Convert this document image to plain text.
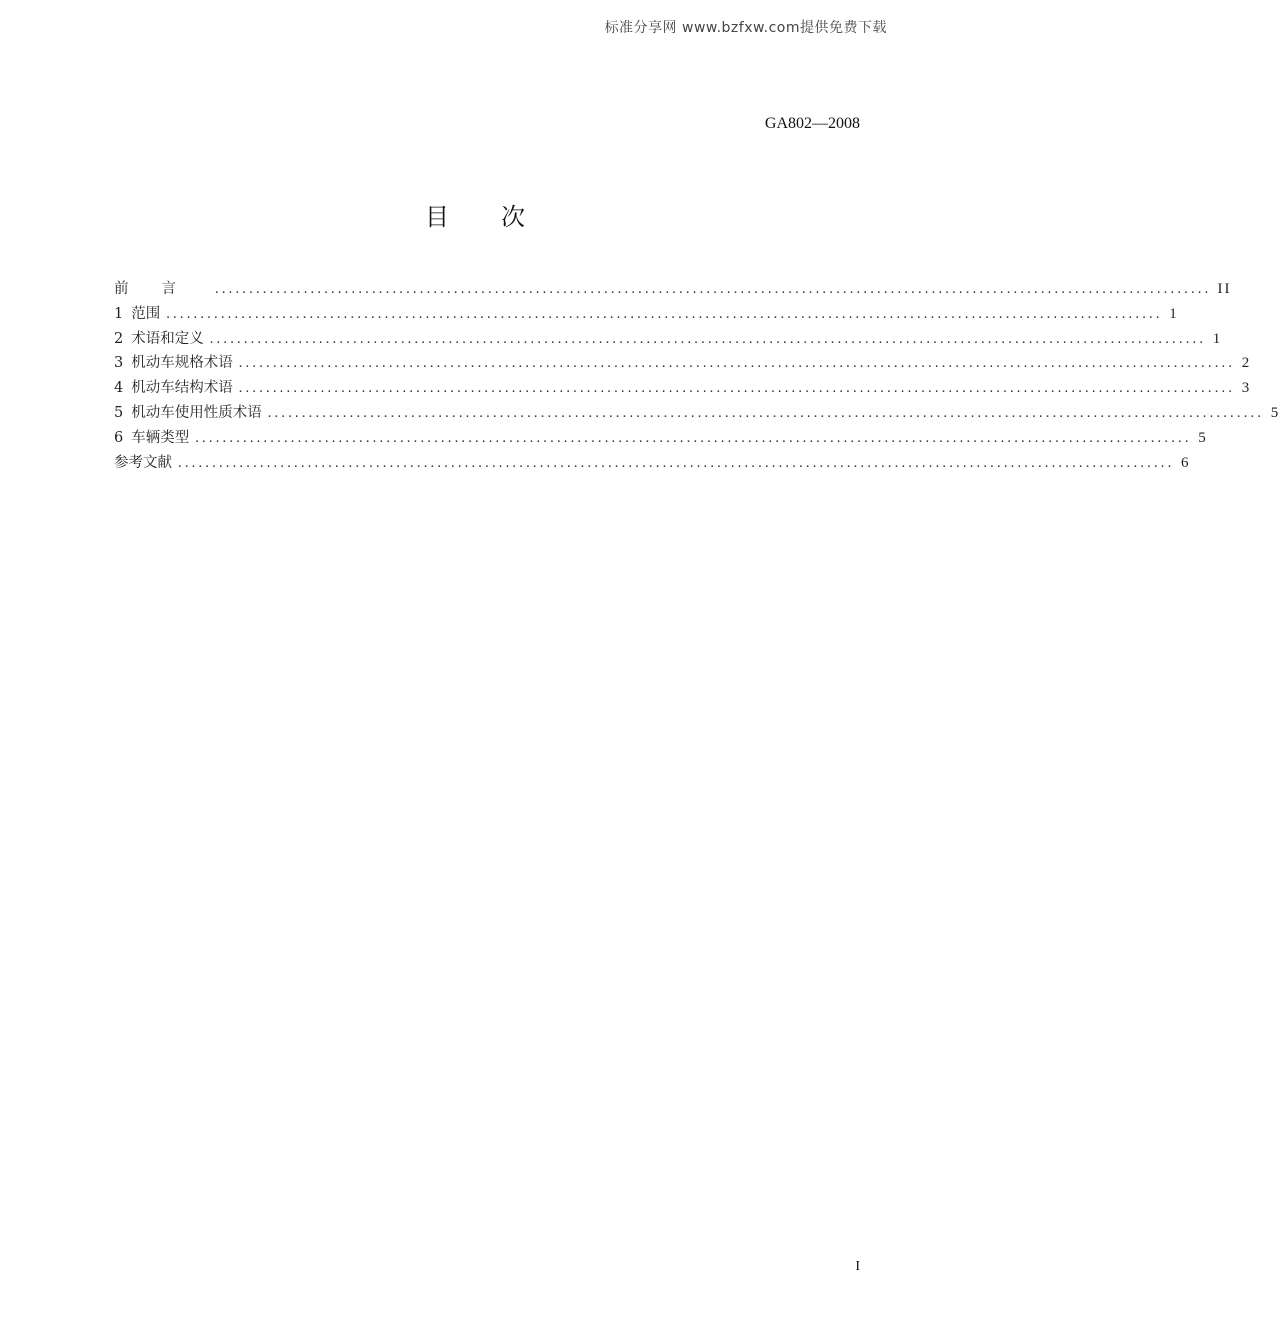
标准分享网 www.bzfxw.com提供免费下载
GA802—2008
目次
前言 .................................................................................................................................................. II
1 范围 .................................................................................................................................................. 1
2 术语和定义 .................................................................................................................................................. 1
3 机动车规格术语 .................................................................................................................................................. 2
4 机动车结构术语 .................................................................................................................................................. 3
5 机动车使用性质术语 .................................................................................................................................................. 5
6 车辆类型 .................................................................................................................................................. 5
参考文献 .................................................................................................................................................. 6
I
